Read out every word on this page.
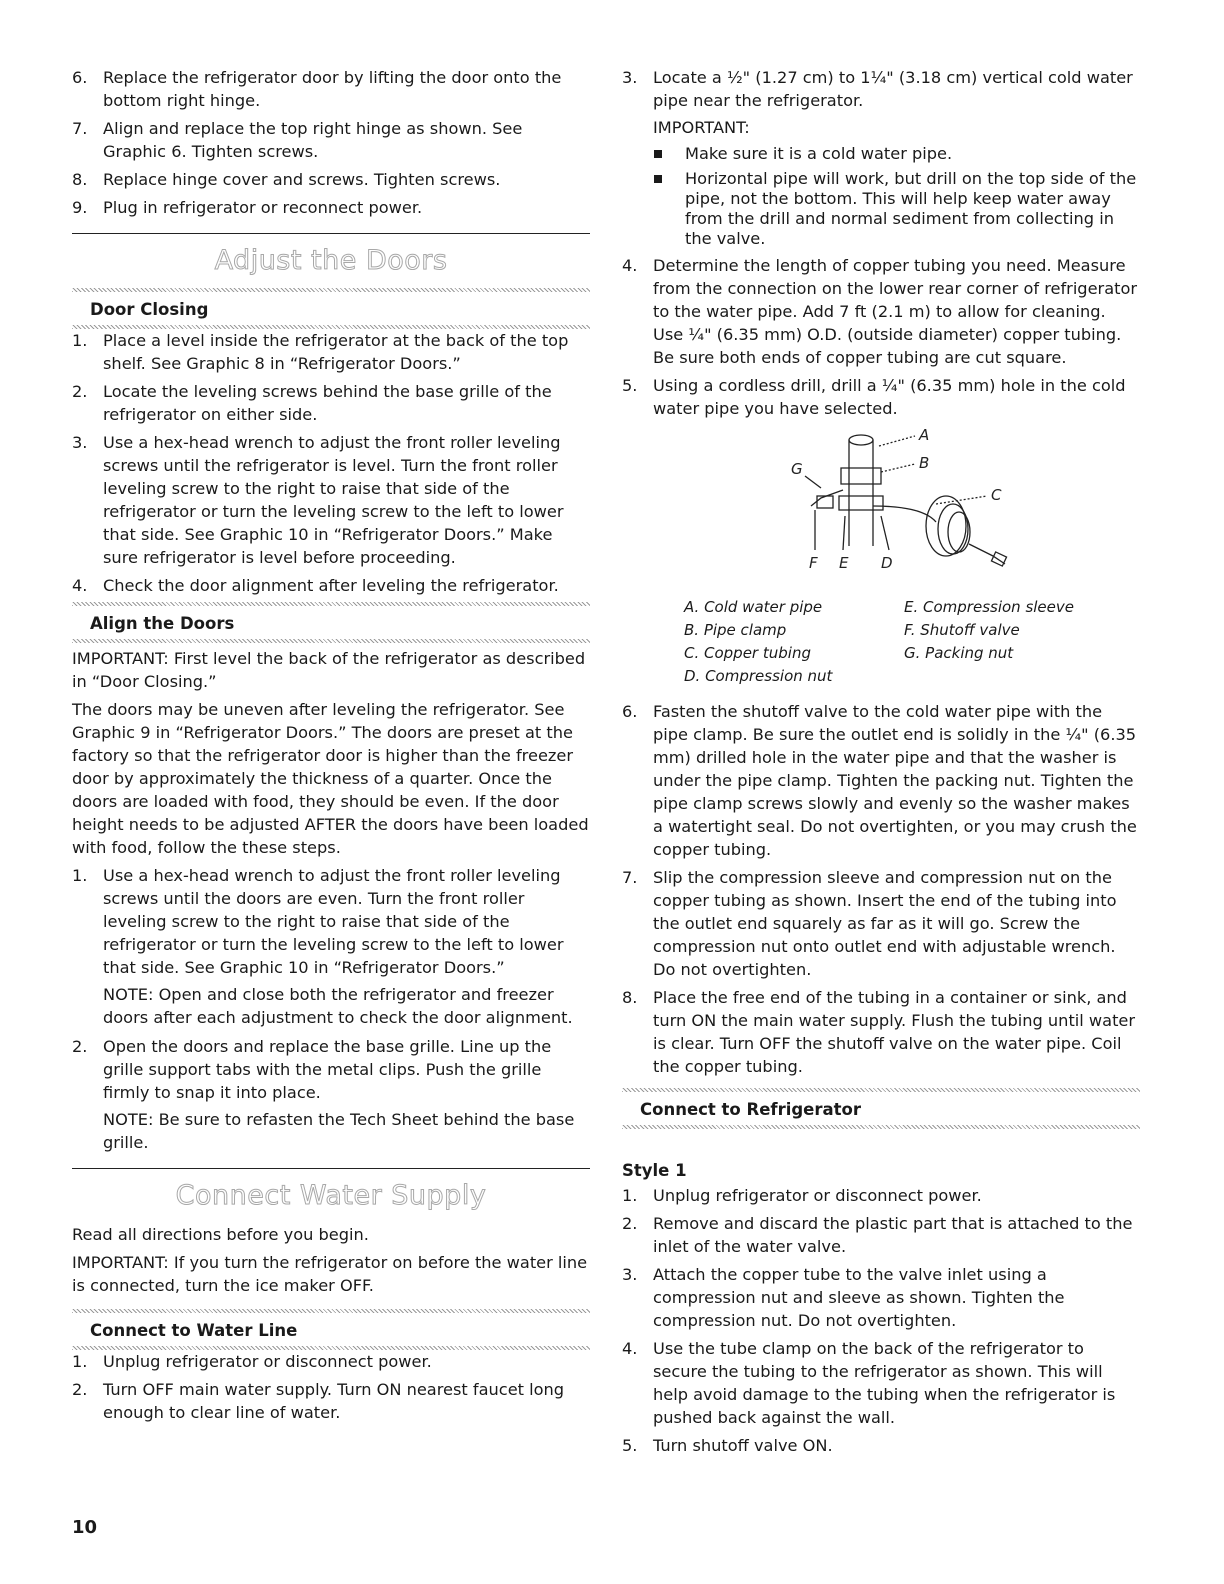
6. Replace the refrigerator door by lifting the door onto the bottom right hinge.
7. Align and replace the top right hinge as shown. See Graphic 6. Tighten screws.
8. Replace hinge cover and screws. Tighten screws.
9. Plug in refrigerator or reconnect power.
Adjust the Doors
Door Closing
1. Place a level inside the refrigerator at the back of the top shelf. See Graphic 8 in “Refrigerator Doors.”
2. Locate the leveling screws behind the base grille of the refrigerator on either side.
3. Use a hex-head wrench to adjust the front roller leveling screws until the refrigerator is level. Turn the front roller leveling screw to the right to raise that side of the refrigerator or turn the leveling screw to the left to lower that side. See Graphic 10 in “Refrigerator Doors.” Make sure refrigerator is level before proceeding.
4. Check the door alignment after leveling the refrigerator.
Align the Doors

IMPORTANT: First level the back of the refrigerator as described in “Door Closing.”

The doors may be uneven after leveling the refrigerator. See Graphic 9 in “Refrigerator Doors.” The doors are preset at the factory so that the refrigerator door is higher than the freezer door by approximately the thickness of a quarter. Once the doors are loaded with food, they should be even. If the door height needs to be adjusted AFTER the doors have been loaded with food, follow the these steps.

1. Use a hex-head wrench to adjust the front roller leveling screws until the doors are even. Turn the front roller leveling screw to the right to raise that side of the refrigerator or turn the leveling screw to the left to lower that side. See Graphic 10 in “Refrigerator Doors.”
NOTE: Open and close both the refrigerator and freezer doors after each adjustment to check the door alignment.
2. Open the doors and replace the base grille. Line up the grille support tabs with the metal clips. Push the grille firmly to snap it into place.
NOTE: Be sure to refasten the Tech Sheet behind the base grille.
Connect Water Supply

Read all directions before you begin.

IMPORTANT: If you turn the refrigerator on before the water line is connected, turn the ice maker OFF.

Connect to Water Line
1. Unplug refrigerator or disconnect power.
2. Turn OFF main water supply. Turn ON nearest faucet long enough to clear line of water.
3. Locate a ½" (1.27 cm) to 1¼" (3.18 cm) vertical cold water pipe near the refrigerator.
IMPORTANT:
Make sure it is a cold water pipe.
Horizontal pipe will work, but drill on the top side of the pipe, not the bottom. This will help keep water away from the drill and normal sediment from collecting in the valve.
4. Determine the length of copper tubing you need. Measure from the connection on the lower rear corner of refrigerator to the water pipe. Add 7 ft (2.1 m) to allow for cleaning. Use ¼" (6.35 mm) O.D. (outside diameter) copper tubing. Be sure both ends of copper tubing are cut square.
5. Using a cordless drill, drill a ¼" (6.35 mm) hole in the cold water pipe you have selected.
A
B
C
G
F E D
A. Cold water pipe	E. Compression sleeve
B. Pipe clamp	F. Shutoff valve
C. Copper tubing	G. Packing nut
D. Compression nut
6. Fasten the shutoff valve to the cold water pipe with the pipe clamp. Be sure the outlet end is solidly in the ¼" (6.35 mm) drilled hole in the water pipe and that the washer is under the pipe clamp. Tighten the packing nut. Tighten the pipe clamp screws slowly and evenly so the washer makes a watertight seal. Do not overtighten, or you may crush the copper tubing.
7. Slip the compression sleeve and compression nut on the copper tubing as shown. Insert the end of the tubing into the outlet end squarely as far as it will go. Screw the compression nut onto outlet end with adjustable wrench. Do not overtighten.
8. Place the free end of the tubing in a container or sink, and turn ON the main water supply. Flush the tubing until water is clear. Turn OFF the shutoff valve on the water pipe. Coil the copper tubing.
Connect to Refrigerator
Style 1
1. Unplug refrigerator or disconnect power.
2. Remove and discard the plastic part that is attached to the inlet of the water valve.
3. Attach the copper tube to the valve inlet using a compression nut and sleeve as shown. Tighten the compression nut. Do not overtighten.
4. Use the tube clamp on the back of the refrigerator to secure the tubing to the refrigerator as shown. This will help avoid damage to the tubing when the refrigerator is pushed back against the wall.
5. Turn shutoff valve ON.
10
